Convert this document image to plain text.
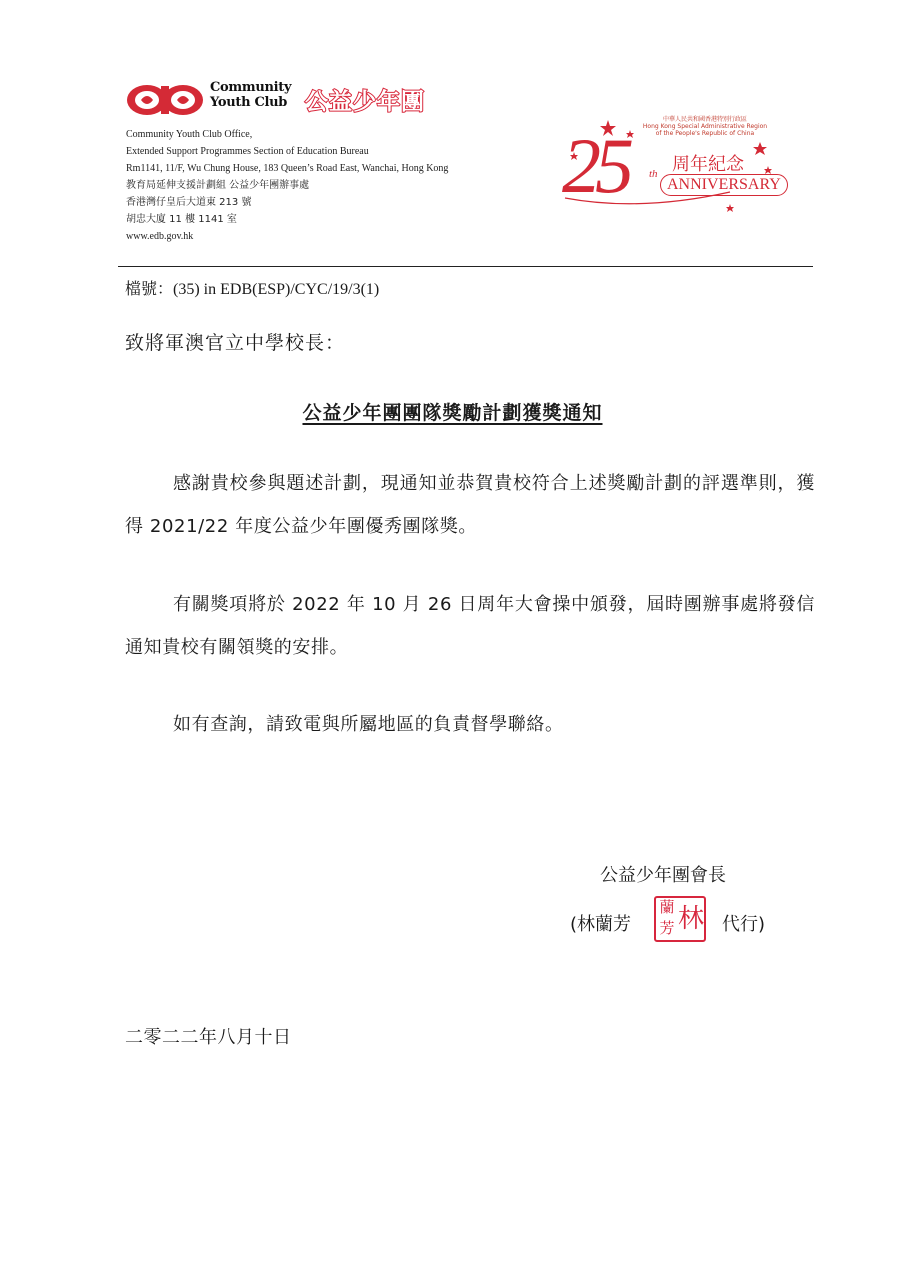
Community
Youth Club 公益少年團
Community Youth Club Office,
Extended Support Programmes Section of Education Bureau
Rm1141, 11/F, Wu Chung House, 183 Queen’s Road East, Wanchai, Hong Kong
教育局延伸支援計劃組 公益少年團辦事處
香港灣仔皇后大道東 213 號
胡忠大廈 11 樓 1141 室
www.edb.gov.hk
中華人民共和國香港特別行政區
Hong Kong Special Administrative Region
of the People's Republic of China
25 th 周年紀念
ANNIVERSARY
檔號：(35) in EDB(ESP)/CYC/19/3(1)
致將軍澳官立中學校長：
公益少年團團隊獎勵計劃獲獎通知
感謝貴校參與題述計劃，現通知並恭賀貴校符合上述獎勵計劃的評選準則，獲得 2021/22 年度公益少年團優秀團隊獎。
有關獎項將於 2022 年 10 月 26 日周年大會操中頒發，屆時團辦事處將發信通知貴校有關領獎的安排。
如有查詢，請致電與所屬地區的負責督學聯絡。
公益少年團會長
(林蘭芳	代行)
蘭 林
芳
二零二二年八月十日
